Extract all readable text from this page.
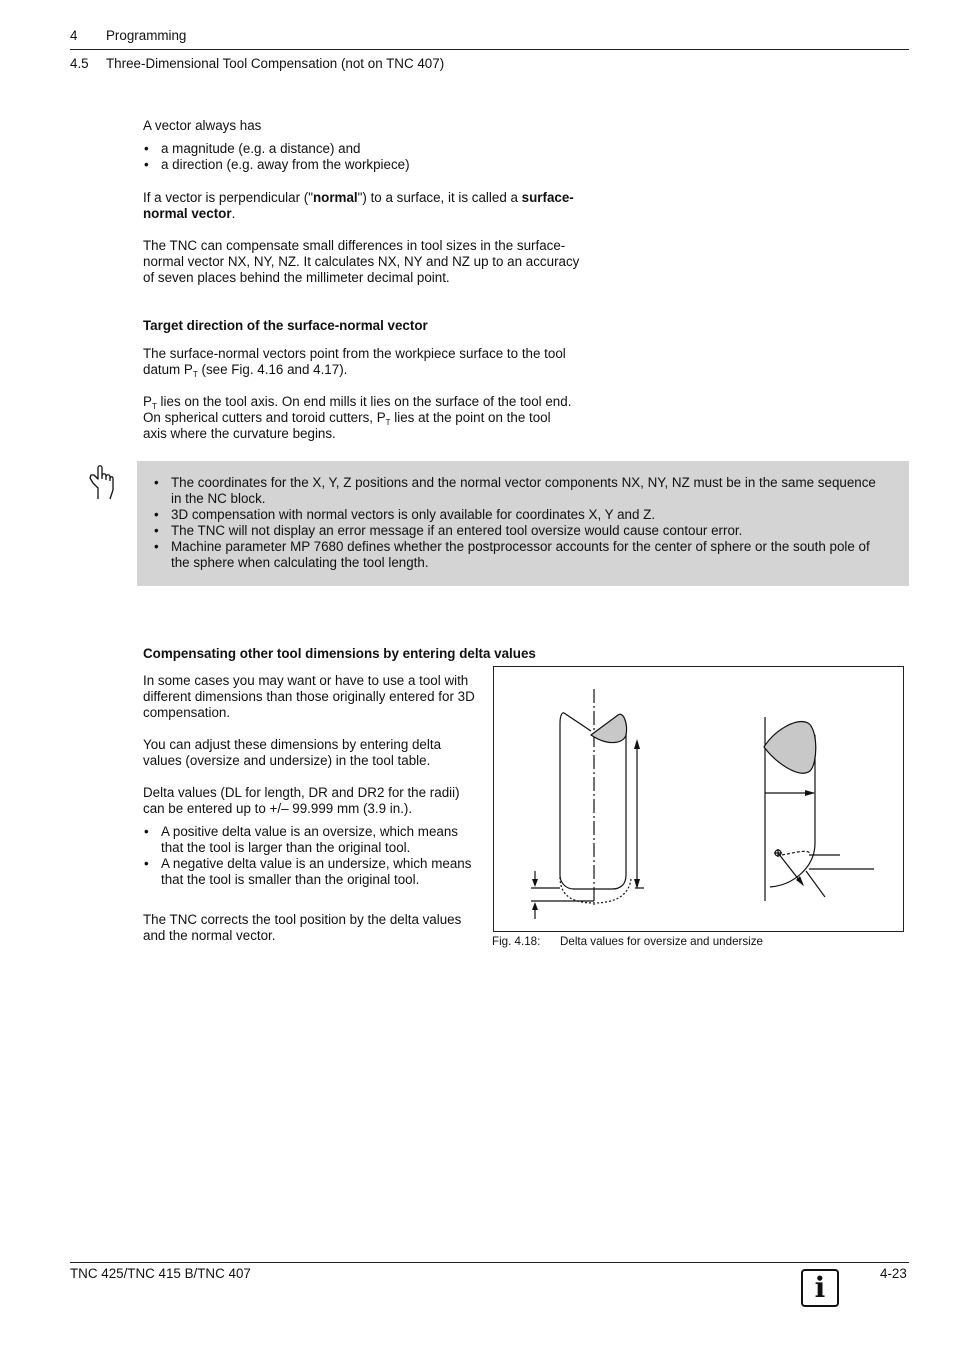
4 Programming
4.5 Three-Dimensional Tool Compensation (not on TNC 407)

A vector always has

• a magnitude (e.g. a distance) and
• a direction (e.g. away from the workpiece)
If a vector is perpendicular ("normal") to a surface, it is called a surface-
normal vector.
The TNC can compensate small differences in tool sizes in the surface-
normal vector NX, NY, NZ. It calculates NX, NY and NZ up to an accuracy
of seven places behind the millimeter decimal point.
Target direction of the surface-normal vector
The surface-normal vectors point from the workpiece surface to the tool
datum $P_T$ (see Fig. 4.16 and 4.17).
$P_T$ lies on the tool axis. On end mills it lies on the surface of the tool end.
On spherical cutters and toroid cutters, $P_T$ lies at the point on the tool
axis where the curvature begins.
• The coordinates for the X, Y, Z positions and the normal vector components NX, NY, NZ must be in the same sequence in the NC block.
• 3D compensation with normal vectors is only available for coordinates X, Y and Z.
• The TNC will not display an error message if an entered tool oversize would cause contour error.
• Machine parameter MP 7680 defines whether the postprocessor accounts for the center of sphere or the south pole of the sphere when calculating the tool length.
Compensating other tool dimensions by entering delta values

In some cases you may want or have to use a tool with different dimensions than those originally entered for 3D compensation.

You can adjust these dimensions by entering delta values (oversize and undersize) in the tool table.

Delta values (DL for length, DR and DR2 for the radii) can be entered up to +/– 99.999 mm (3.9 in.).

• A positive delta value is an oversize, which means that the tool is larger than the original tool.
• A negative delta value is an undersize, which means that the tool is smaller than the original tool.

The TNC corrects the tool position by the delta values and the normal vector.	Fig. 4.18: Delta values for oversize and undersize
TNC 425/TNC 415 B/TNC 407	4-23
i
